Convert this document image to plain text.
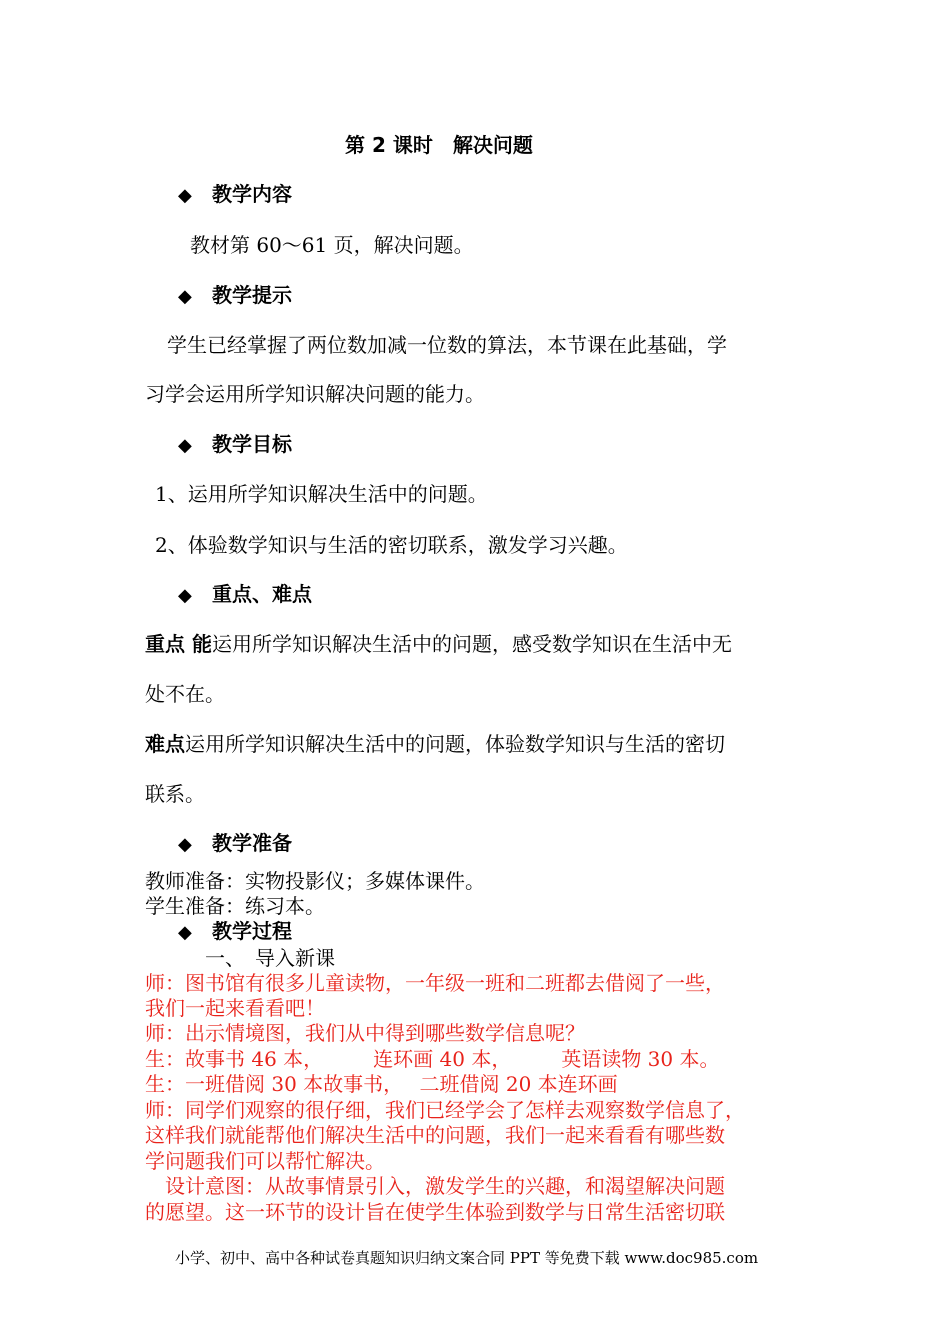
第 2 课时　解决问题
◆ 教学内容
教材第 60～61 页，解决问题。
◆ 教学提示
学生已经掌握了两位数加减一位数的算法，本节课在此基础，学
习学会运用所学知识解决问题的能力。
◆ 教学目标
1、运用所学知识解决生活中的问题。
2、体验数学知识与生活的密切联系，激发学习兴趣。
◆ 重点、难点
重点 能运用所学知识解决生活中的问题，感受数学知识在生活中无
处不在。
难点运用所学知识解决生活中的问题，体验数学知识与生活的密切
联系。
◆ 教学准备
教师准备：实物投影仪；多媒体课件。
学生准备：练习本。
◆ 教学过程
一、　导入新课
师：图书馆有很多儿童读物，一年级一班和二班都去借阅了一些，
我们一起来看看吧！
师：出示情境图，我们从中得到哪些数学信息呢？
生：故事书 46 本，　　　连环画 40 本，　　　英语读物 30 本。
生：一班借阅 30 本故事书，　 二班借阅 20 本连环画
师：同学们观察的很仔细，我们已经学会了怎样去观察数学信息了，
这样我们就能帮他们解决生活中的问题，我们一起来看看有哪些数
学问题我们可以帮忙解决。
　设计意图：从故事情景引入，激发学生的兴趣，和渴望解决问题
的愿望。这一环节的设计旨在使学生体验到数学与日常生活密切联
小学、初中、高中各种试卷真题知识归纳文案合同 PPT 等免费下载 www.doc985.com
